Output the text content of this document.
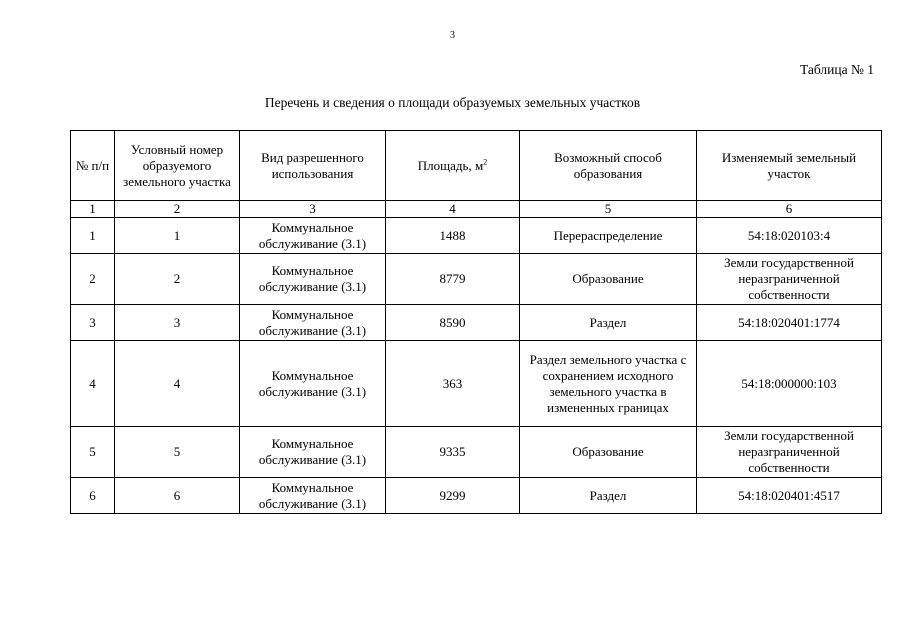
3
Таблица № 1
Перечень и сведения о площади образуемых земельных участков
№ п/п	Условный номер образуемого земельного участка	Вид разрешенного использования	Площадь, $м^2$	Возможный способ образования	Изменяемый земельный участок
1	2	3	4	5	6
1	1	Коммунальное обслуживание (3.1)	1488	Перераспределение	54:18:020103:4
2	2	Коммунальное обслуживание (3.1)	8779	Образование	Земли государственной неразграниченной собственности
3	3	Коммунальное обслуживание (3.1)	8590	Раздел	54:18:020401:1774
4	4	Коммунальное обслуживание (3.1)	363	Раздел земельного участка с сохранением исходного земельного участка в измененных границах	54:18:000000:103
5	5	Коммунальное обслуживание (3.1)	9335	Образование	Земли государственной неразграниченной собственности
6	6	Коммунальное обслуживание (3.1)	9299	Раздел	54:18:020401:4517
